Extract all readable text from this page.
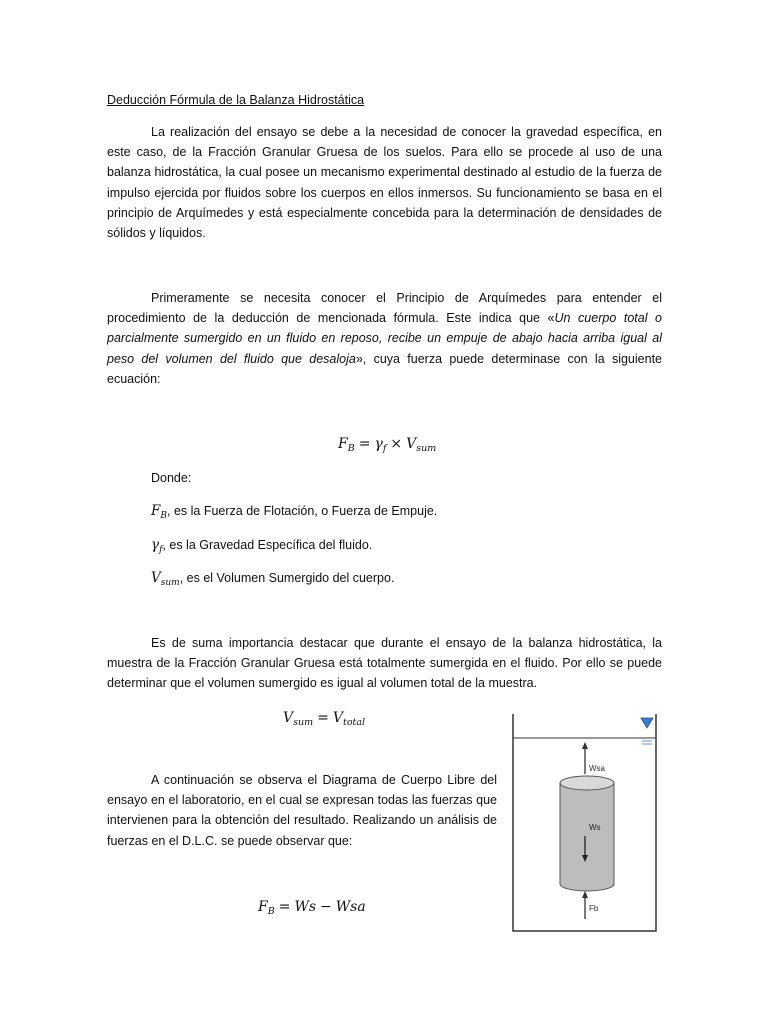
Deducción Fórmula de la Balanza Hidrostática

La realización del ensayo se debe a la necesidad de conocer la gravedad específica, en este caso, de la Fracción Granular Gruesa de los suelos. Para ello se procede al uso de una balanza hidrostática, la cual posee un mecanismo experimental destinado al estudio de la fuerza de impulso ejercida por fluidos sobre los cuerpos en ellos inmersos. Su funcionamiento se basa en el principio de Arquímedes y está especialmente concebida para la determinación de densidades de sólidos y líquidos.

Primeramente se necesita conocer el Principio de Arquímedes para entender el procedimiento de la deducción de mencionada fórmula. Este indica que «Un cuerpo total o parcialmente sumergido en un fluido en reposo, recibe un empuje de abajo hacia arriba igual al peso del volumen del fluido que desaloja», cuya fuerza puede determinase con la siguiente ecuación:

$F_B = \gamma_f \times V_{sum}$
Donde:
$F_B$, es la Fuerza de Flotación, o Fuerza de Empuje.
$\gamma_f$, es la Gravedad Específica del fluido.
$V_{sum}$, es el Volumen Sumergido del cuerpo.

Es de suma importancia destacar que durante el ensayo de la balanza hidrostática, la muestra de la Fracción Granular Gruesa está totalmente sumergida en el fluido. Por ello se puede determinar que el volumen sumergido es igual al volumen total de la muestra.

$V_{sum} = V_{total}$

A continuación se observa el Diagrama de Cuerpo Libre del ensayo en el laboratorio, en el cual se expresan todas las fuerzas que intervienen para la obtención del resultado. Realizando un análisis de fuerzas en el D.L.C. se puede observar que:

$F_B = Ws$ − Wsa
Wsa
Ws
Fb
